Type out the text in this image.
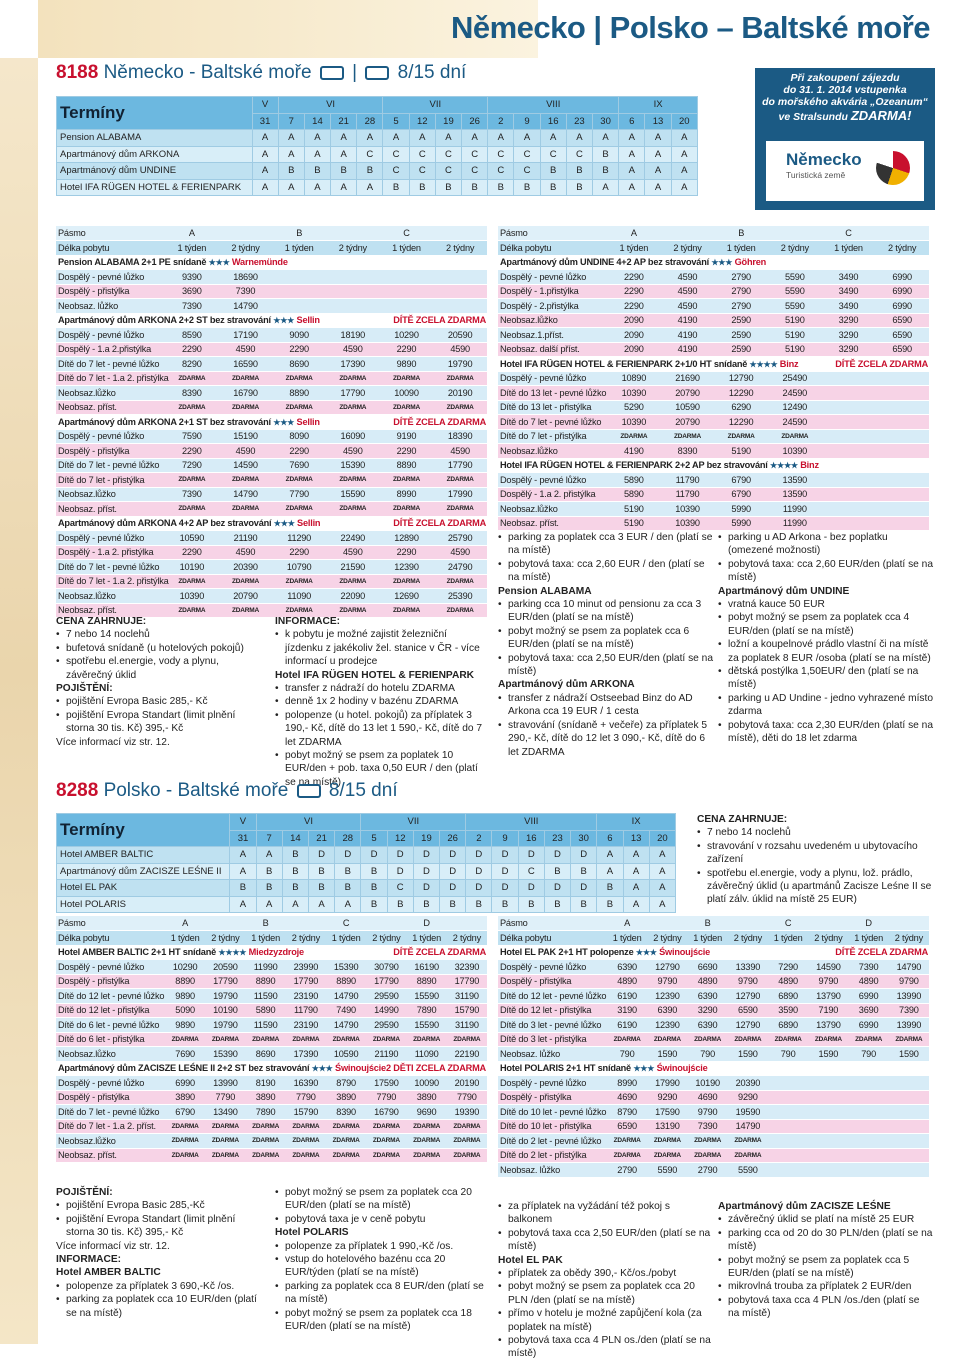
Německo | Polsko – Baltské moře
8188 Německo - Baltské moře | 8/15 dní	Při zakoupení zájezdu
do 31. 1. 2014 vstupenka
do mořského akvária „Ozeanum“
ve Stralsundu ZDARMA!
Německo
Turistická země
Termíny	V	VI				VII				VIII					IX		
	31	7	14	21	28	5	12	19	26	2	9	16	23	30	6	13	20
Pension ALABAMA	A	A	A	A	A	A	A	A	A	A	A	A	A	A	A	A	A
Apartmánový dům ARKONA	A	A	A	A	C	C	C	C	C	C	C	C	C	B	A	A	A
Apartmánový dům UNDINE	A	B	B	B	B	C	C	C	C	C	C	B	B	B	A	A	A
Hotel IFA RÜGEN HOTEL & FERIENPARK	A	A	A	A	A	B	B	B	B	B	B	B	B	A	A	A	A
Pásmo	A		B		C	
Délka pobytu	1 týden	2 týdny	1 týden	2 týdny	1 týden	2 týdny
Pension ALABAMA 2+1 PE snídaně ★★★ Warnemünde						
Dospělý - pevné lůžko	9390	18690				
Dospělý - přistýlka	3690	7390				
Neobsaz. lůžko	7390	14790				
Apartmánový dům ARKONA 2+2 ST bez stravování ★★★ Sellin DÍTĚ ZCELA ZDARMA						

Dospělý - pevné lůžko	8590	17190	9090	18190	10290	20590
Dospělý - 1.a 2.přistýlka	2290	4590	2290	4590	2290	4590
Dítě do 7 let - pevné lůžko	8290	16590	8690	17390	9890	19790
Dítě do 7 let - 1.a 2. přistýlka	ZDARMA	ZDARMA	ZDARMA	ZDARMA	ZDARMA	ZDARMA
Neobsaz.lůžko	8390	16790	8890	17790	10090	20190
Neobsaz. příst.	ZDARMA	ZDARMA	ZDARMA	ZDARMA	ZDARMA	ZDARMA
Apartmánový dům ARKONA 2+1 ST bez stravování ★★★ Sellin DÍTĚ ZCELA ZDARMA						

Dospělý - pevné lůžko	7590	15190	8090	16090	9190	18390
Dospělý - přistýlka	2290	4590	2290	4590	2290	4590
Dítě do 7 let - pevné lůžko	7290	14590	7690	15390	8890	17790
Dítě do 7 let - přistýlka	ZDARMA	ZDARMA	ZDARMA	ZDARMA	ZDARMA	ZDARMA
Neobsaz.lůžko	7390	14790	7790	15590	8990	17990
Neobsaz. příst.	ZDARMA	ZDARMA	ZDARMA	ZDARMA	ZDARMA	ZDARMA
Apartmánový dům ARKONA 4+2 AP bez stravování ★★★ Sellin DÍTĚ ZCELA ZDARMA						

Dospělý - pevné lůžko	10590	21190	11290	22490	12890	25790
Dospělý - 1.a 2. přistýlka	2290	4590	2290	4590	2290	4590
Dítě do 7 let - pevné lůžko	10190	20390	10790	21590	12390	24790
Dítě do 7 let - 1.a 2. přistýlka	ZDARMA	ZDARMA	ZDARMA	ZDARMA	ZDARMA	ZDARMA
Neobsaz.lůžko	10390	20790	11090	22090	12690	25390
Neobsaz. příst.	ZDARMA	ZDARMA	ZDARMA	ZDARMA	ZDARMA	ZDARMA
Pásmo	A		B		C	
Délka pobytu	1 týden	2 týdny	1 týden	2 týdny	1 týden	2 týdny
Apartmánový dům UNDINE 4+2 AP bez stravování ★★★ Göhren						
Dospělý - pevné lůžko	2290	4590	2790	5590	3490	6990
Dospělý - 1.přistýlka	2290	4590	2790	5590	3490	6990
Dospělý - 2.přistýlka	2290	4590	2790	5590	3490	6990
Neobsaz.lůžko	2090	4190	2590	5190	3290	6590
Neobsaz.1.příst.	2090	4190	2590	5190	3290	6590
Neobsaz. další příst.	2090	4190	2590	5190	3290	6590
Hotel IFA RÜGEN HOTEL & FERIENPARK 2+1/0 HT snídaně ★★★★ Binz DÍTĚ ZCELA ZDARMA						

Dospělý - pevné lůžko	10890	21690	12790	25490		
Dítě do 13 let - pevné lůžko	10390	20790	12290	24590		
Dítě do 13 let - přistýlka	5290	10590	6290	12490		
Dítě do 7 let - pevné lůžko	10390	20790	12290	24590		
Dítě do 7 let - přistýlka	ZDARMA	ZDARMA	ZDARMA	ZDARMA		
Neobsaz.lůžko	4190	8390	5190	10390		
Hotel IFA RÜGEN HOTEL & FERIENPARK 2+2 AP bez stravování ★★★★ Binz						
Dospělý - pevné lůžko	5890	11790	6790	13590		
Dospělý - 1.a 2. přistýlka	5890	11790	6790	13590		
Neobsaz.lůžko	5190	10390	5990	11990		
Neobsaz. příst.	5190	10390	5990	11990		
CENA ZAHRNUJE:
• 7 nebo 14 noclehů
• bufetová snídaně (u hotelových pokojů)
• spotřebu el.energie, vody a plynu, závěrečný úklid
POJIŠTĚNÍ:
• pojištění Evropa Basic 285,- Kč
• pojištění Evropa Standart (limit plnění storna 30 tis. Kč) 395,- Kč
Více informací viz str. 12.
INFORMACE:
• k pobytu je možné zajistit železniční jízdenku z jakékoliv žel. stanice v ČR - více informací u prodejce
Hotel IFA RÜGEN HOTEL & FERIENPARK
• transfer z nádraží do hotelu ZDARMA
• denně 1x 2 hodiny v bazénu ZDARMA
• polopenze (u hotel. pokojů) za příplatek 3 190,- Kč, dítě do 13 let 1 590,- Kč, dítě do 7 let ZDARMA
• pobyt možný se psem za poplatek 10 EUR/den + pob. taxa 0,50 EUR / den (platí se na místě)
• parking za poplatek cca 3 EUR / den (platí se na místě)
• pobytová taxa: cca 2,60 EUR / den (platí se na místě)
Pension ALABAMA
• parking cca 10 minut od pensionu za cca 3 EUR/den (platí se na místě)
• pobyt možný se psem za poplatek cca 6 EUR/den (platí se na místě)
• pobytová taxa: cca 2,50 EUR/den (platí se na místě)
Apartmánový dům ARKONA
• transfer z nádraží Ostseebad Binz do AD Arkona cca 19 EUR / 1 cesta
• stravování (snídaně + večeře) za příplatek 5 290,- Kč, dítě do 12 let 3 090,- Kč, dítě do 6 let ZDARMA
• parking u AD Arkona - bez poplatku (omezené možnosti)
• pobytová taxa: cca 2,60 EUR/den (platí se na místě)
Apartmánový dům UNDINE
• vratná kauce 50 EUR
• pobyt možný se psem za poplatek cca 4 EUR/den (platí se na místě)
• ložní a koupelnové prádlo vlastní či na místě za poplatek 8 EUR /osoba (platí se na místě)
• dětská postýlka 1,50EUR/ den (platí se na místě)
• parking u AD Undine - jedno vyhrazené místo zdarma
• pobytová taxa: cca 2,30 EUR/den (platí se na místě), děti do 18 let zdarma
8288 Polsko - Baltské moře 8/15 dní
Termíny	V	VI				VII				VIII					IX		
	31	7	14	21	28	5	12	19	26	2	9	16	23	30	6	13	20
Hotel AMBER BALTIC	A	A	B	D	D	D	D	D	D	D	D	D	D	D	A	A	A
Apartmánový dům ZACISZE LEŚNE II	A	B	B	B	B	B	D	D	D	D	D	C	B	B	A	A	A
Hotel EL PAK	B	B	B	B	B	B	C	D	D	D	D	D	D	D	B	A	A
Hotel POLARIS	A	A	A	A	A	B	B	B	B	B	B	B	B	B	B	A	A
CENA ZAHRNUJE:
• 7 nebo 14 noclehů
• stravování v rozsahu uvedeném u ubytovacího zařízení
• spotřebu el.energie, vody a plynu, lož. prádlo, závěrečný úklid (u apartmánů Zacisze Leśne II se platí zálv. úklid na místě 25 EUR)
Pásmo	A		B		C		D	
Délka pobytu	1 týden	2 týdny	1 týden	2 týdny	1 týden	2 týdny	1 týden	2 týdny
Hotel AMBER BALTIC 2+1 HT snídaně ★★★★ Miedzyzdroje DÍTĚ ZCELA ZDARMA								

Dospělý - pevné lůžko	10290	20590	11990	23990	15390	30790	16190	32390
Dospělý - přistýlka	8890	17790	8890	17790	8890	17790	8890	17790
Dítě do 12 let - pevné lůžko	9890	19790	11590	23190	14790	29590	15590	31190
Dítě do 12 let - přistýlka	5090	10190	5890	11790	7490	14990	7890	15790
Dítě do 6 let - pevné lůžko	9890	19790	11590	23190	14790	29590	15590	31190
Dítě do 6 let - přistýlka	ZDARMA	ZDARMA	ZDARMA	ZDARMA	ZDARMA	ZDARMA	ZDARMA	ZDARMA
Neobsaz.lůžko	7690	15390	8690	17390	10590	21190	11090	22190
Apartmánový dům ZACISZE LEŚNE II 2+2 ST bez stravování ★★★ Świnoujście 2 DĚTI ZCELA ZDARMA								

Dospělý - pevné lůžko	6990	13990	8190	16390	8790	17590	10090	20190
Dospělý - přistýlka	3890	7790	3890	7790	3890	7790	3890	7790
Dítě do 7 let - pevné lůžko	6790	13490	7890	15790	8390	16790	9690	19390
Dítě do 7 let - 1.a 2. příst.	ZDARMA	ZDARMA	ZDARMA	ZDARMA	ZDARMA	ZDARMA	ZDARMA	ZDARMA
Neobsaz.lůžko	ZDARMA	ZDARMA	ZDARMA	ZDARMA	ZDARMA	ZDARMA	ZDARMA	ZDARMA
Neobsaz. příst.	ZDARMA	ZDARMA	ZDARMA	ZDARMA	ZDARMA	ZDARMA	ZDARMA	ZDARMA
Pásmo	A		B		C		D	
Délka pobytu	1 týden	2 týdny	1 týden	2 týdny	1 týden	2 týdny	1 týden	2 týdny
Hotel EL PAK 2+1 HT polopenze ★★★ Świnoujście DÍTĚ ZCELA ZDARMA								

Dospělý - pevné lůžko	6390	12790	6690	13390	7290	14590	7390	14790
Dospělý - přistýlka	4890	9790	4890	9790	4890	9790	4890	9790
Dítě do 12 let - pevné lůžko	6190	12390	6390	12790	6890	13790	6990	13990
Dítě do 12 let - přistýlka	3190	6390	3290	6590	3590	7190	3690	7390
Dítě do 3 let - pevné lůžko	6190	12390	6390	12790	6890	13790	6990	13990
Dítě do 3 let - přistýlka	ZDARMA	ZDARMA	ZDARMA	ZDARMA	ZDARMA	ZDARMA	ZDARMA	ZDARMA
Neobsaz. lůžko	790	1590	790	1590	790	1590	790	1590
Hotel POLARIS 2+1 HT snídaně ★★★ Świnoujście								
Dospělý - pevné lůžko	8990	17990	10190	20390				
Dospělý - přistýlka	4690	9290	4690	9290				
Dítě do 10 let - pevné lůžko	8790	17590	9790	19590				
Dítě do 10 let - přistýlka	6590	13190	7390	14790				
Dítě do 2 let - pevné lůžko	ZDARMA	ZDARMA	ZDARMA	ZDARMA				
Dítě do 2 let - přistýlka	ZDARMA	ZDARMA	ZDARMA	ZDARMA				
Neobsaz. lůžko	2790	5590	2790	5590				
POJIŠTĚNÍ:
• pojištění Evropa Basic 285,-Kč
• pojištění Evropa Standart (limit plnění storna 30 tis. Kč) 395,- Kč
Více informací viz str. 12.
INFORMACE:
Hotel AMBER BALTIC
• polopenze za příplatek 3 690,-Kč /os.
• parking za poplatek cca 10 EUR/den (platí se na místě)
• pobyt možný se psem za poplatek cca 20 EUR/den (platí se na místě)
• pobytová taxa je v ceně pobytu
Hotel POLARIS
• polopenze za příplatek 1 990,-Kč /os.
• vstup do hotelového bazénu cca 20 EUR/týden (platí se na místě)
• parking za poplatek cca 8 EUR/den (platí se na místě)
• pobyt možný se psem za poplatek cca 18 EUR/den (platí se na místě)
• za příplatek na vyžádání též pokoj s balkonem
• pobytová taxa cca 2,50 EUR/den (platí se na místě)
Hotel EL PAK
• příplatek za obědy 390,- Kč/os./pobyt
• pobyt možný se psem za poplatek cca 20 PLN /den (platí se na místě)
• přímo v hotelu je možné zapůjčení kola (za poplatek na místě)
• pobytová taxa cca 4 PLN os./den (platí se na místě)
Apartmánový dům ZACISZE LEŚNE
• závěrečný úklid se platí na místě 25 EUR
• parking cca od 20 do 30 PLN/den (platí se na místě)
• pobyt možný se psem za poplatek cca 5 EUR/den (platí se na místě)
• mikrovlná trouba za příplatek 2 EUR/den
• pobytová taxa cca 4 PLN /os./den (platí se na místě)
